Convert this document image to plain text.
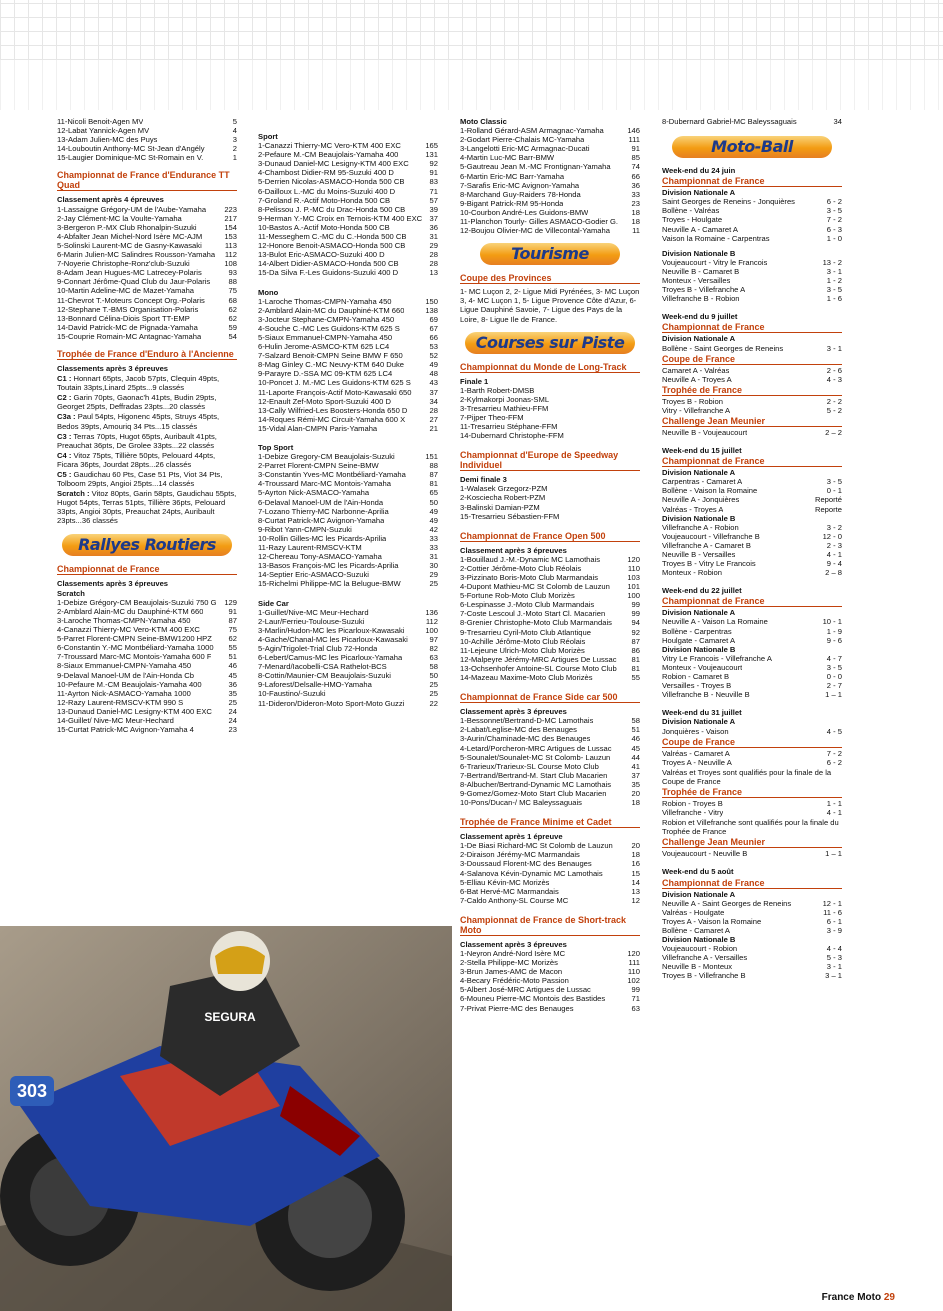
11-Nicoli Benoit-Agen MV	5
12-Labat Yannick-Agen MV	4
13-Adam Julien-MC des Puys	3
14-Louboutin Anthony-MC St-Jean d'Angély	2
15-Laugier Dominique-MC St-Romain en V.	1
Championnat de France d'Endurance TT Quad
Classement après 4 épreuves
1-Lassaigne Grégory-UM de l'Aube-Yamaha	223
2-Jay Clément-MC la Voulte-Yamaha	217
3-Bergeron P.-MX Club Rhonalpin-Suzuki	154
4-Abfalter Jean Michel-Nord Isère MC-AJM	153
5-Solinski Laurent-MC de Gasny-Kawasaki	113
6-Marin Julien-MC Salindres Rousson-Yamaha	112
7-Noyerie Christophe-Ronz'club-Suzuki	108
8-Adam Jean Hugues-MC Latrecey-Polaris	93
9-Connart Jérôme-Quad Club du Jaur-Polaris	88
10-Martin Adeline-MC de Mazet-Yamaha	75
11-Chevrot T.-Moteurs Concept Org.-Polaris	68
12-Stephane T.-BMS Organisation-Polaris	62
13-Bonnard Célina-Diois Sport TT-EMP	62
14-David Patrick-MC de Pignada-Yamaha	59
15-Couprie Romain-MC Antagnac-Yamaha	54
Trophée de France d'Enduro à l'Ancienne
Classements après 3 épreuves
C1 : Honnart 65pts, Jacob 57pts, Clequin 49pts, Toutain 33pts,Linard 25pts...9 classés
C2 : Garin 70pts, Gaonac'h 41pts, Budin 29pts, Georget 25pts, Deffradas 23pts...20 classés
C3a : Paul 54pts, Higonenc 45pts, Struys 45pts, Bedos 39pts, Amouriq 34 Pts...15 classés
C3 : Terras 70pts, Hugot 65pts, Auribault 41pts, Preauchat 36pts, De Grolee 33pts...22 classés
C4 : Vitoz 75pts, Tillière 50pts, Pelouard 44pts, Ficara 36pts, Jourdat 28pts...26 classés
C5 : Gaudichau 60 Pts, Case 51 Pts, Viot 34 Pts, Tolboom 29pts, Angioi 25pts...14 classés
Scratch : Vitoz 80pts, Garin 58pts, Gaudichau 55pts, Hugot 54pts, Terras 51pts, Tillière 36pts, Pelouard 33pts, Angioi 30pts, Preauchat 24pts, Auribault 23pts...36 classés
Rallyes Routiers
Championnat de France
Classements après 3 épreuves
Scratch
1-Debize Grégory-CM Beaujolais-Suzuki 750 G	129
2-Amblard Alain-MC du Dauphiné-KTM 660	91
3-Laroche Thomas-CMPN-Yamaha 450	87
4-Canazzi Thierry-MC Vero-KTM 400 EXC	75
5-Parret Florent-CMPN Seine-BMW1200 HPZ	62
6-Constantin Y.-MC Montbéliard-Yamaha 1000	55
7-Troussard Marc-MC Montois-Yamaha 600 F	51
8-Siaux Emmanuel-CMPN-Yamaha 450	46
9-Delaval Manoel-UM de l'Ain-Honda Cb	45
10-Pefaure M.-CM Beaujolais-Yamaha 400	36
11-Ayrton Nick-ASMACO-Yamaha 1000	35
12-Razy Laurent-RMSCV-KTM 990 S	25
13-Dunaud Daniel-MC Lesigny-KTM 400 EXC	24
14-Guillet/ Nive-MC Meur-Hechard	24
15-Curtat Patrick-MC Avignon-Yamaha 4	23
Sport
1-Canazzi Thierry-MC Vero-KTM 400 EXC	165
2-Pefaure M.-CM Beaujolais-Yamaha 400	131
3-Dunaud Daniel-MC Lesigny-KTM 400 EXC	92
4-Chambost Didier-RM 95-Suzuki 400 D	91
5-Derrien Nicolas-ASMACO-Honda 500 CB	83
6-Dailloux L.-MC du Moins-Suzuki 400 D	71
7-Groland R.-Actif Moto-Honda 500 CB	57
8-Pelissou J. P.-MC du Drac-Honda 500 CB	39
9-Herman Y.-MC Croix en Ternois-KTM 400 EXC 37
10-Bastos A.-Actif Moto-Honda 500 CB	36
11-Messeghem C.-MC du C.-Honda 500 CB	31
12-Honore Benoit-ASMACO-Honda 500 CB	29
13-Bulot Eric-ASMACO-Suzuki 400 D	28
14-Albert Didier-ASMACO-Honda 500 CB	28
15-Da Silva F.-Les Guidons-Suzuki 400 D	13
Mono
1-Laroche Thomas-CMPN-Yamaha 450	150
2-Amblard Alain-MC du Dauphiné-KTM 660	138
3-Jocteur Stephane-CMPN-Yamaha 450	69
4-Souche C.-MC Les Guidons-KTM 625 S	67
5-Siaux Emmanuel-CMPN-Yamaha 450	66
6-Hulin Jerome-ASMCO-KTM 625 LC4	53
7-Salzard Benoit-CMPN Seine BMW F 650	52
8-Mag Ginley C.-MC Neuvy-KTM 640 Duke	49
9-Parayre D.-SSA MC 09-KTM 625 LC4	48
10-Poncet J. M.-MC Les Guidons-KTM 625 S	43
11-Laporte François-Actif Moto-Kawasaki 650	37
12-Enault Zef-Moto Sport-Suzuki 400 D	34
13-Cally Wilfried-Les Boosters-Honda 650 D	28
14-Roques Rémi-MC Circuit-Yamaha 600 X	27
15-Vidal Alan-CMPN Paris-Yamaha	21
Top Sport
1-Debize Gregory-CM Beaujolais-Suzuki	151
2-Parret Florent-CMPN Seine-BMW	88
3-Constantin Yves-MC Montbéliard-Yamaha	87
4-Troussard Marc-MC Montois-Yamaha	81
5-Ayrton Nick-ASMACO-Yamaha	65
6-Delaval Manoel-UM de l'Ain-Honda	50
7-Lozano Thierry-MC Narbonne-Aprilia	49
8-Curtat Patrick-MC Avignon-Yamaha	49
9-Ribot Yann-CMPN-Suzuki	42
10-Rollin Gilles-MC les Picards-Aprilia	33
11-Razy Laurent-RMSCV-KTM	33
12-Chereau Tony-ASMACO-Yamaha	31
13-Basos François-MC les Picards-Aprilia	30
14-Septier Eric-ASMACO-Suzuki	29
15-Richelmi Philippe-MC la Belugue-BMW	25
Side Car
1-Guillet/Nive-MC Meur-Hechard	136
2-Laur/Ferrieu-Toulouse-Suzuki	112
3-Marlin/Hudon-MC les Picarloux-Kawasaki	100
4-Gache/Chanal-MC les Picarloux-Kawasaki	97
5-Agin/Trigolet-Trial Club 72-Honda	82
6-Lebert/Camus-MC les Picarloux-Yamaha	63
7-Menard/Iacobelli-CSA Rathelot-BCS	58
8-Cottin/Maunier-CM Beaujolais-Suzuki	50
9-Laforest/Delsalle-HMO-Yamaha	25
10-Faustino/-Suzuki	25
11-Dideron/Dideron-Moto Sport-Moto Guzzi	22
Moto Classic
1-Rolland Gérard-ASM Armagnac-Yamaha	146
2-Godart Pierre-Chalais MC-Yamaha	111
3-Langelotti Eric-MC Armagnac-Ducati	91
4-Martin Luc-MC Barr-BMW	85
5-Gautreau Jean M.-MC Frontignan-Yamaha	74
6-Martin Eric-MC Barr-Yamaha	66
7-Sarafis Eric-MC Avignon-Yamaha	36
8-Marchand Guy-Raiders 78-Honda	33
9-Bigant Patrick-RM 95-Honda	23
10-Courbon André-Les Guidons-BMW	18
11-Planchon Tourly- Gilles ASMACO-Godier G.	18
12-Boujou Olivier-MC de Villecontal-Yamaha	11
Tourisme
Coupe des Provinces
1- MC Luçon 2, 2- Ligue Midi Pyrénées, 3- MC Luçon 3, 4- MC Luçon 1, 5- Ligue Provence Côte d'Azur, 6- Ligue Dauphiné Savoie, 7- Ligue des Pays de la Loire, 8- Ligue Ile de France.
Courses sur Piste
Championnat du Monde de Long-Track
Finale 1
1-Barth Robert-DMSB
2-Kylmakorpi Joonas-SML
3-Tresarrieu Mathieu-FFM
7-Pijper Theo-FFM
11-Tresarrieu Stéphane-FFM
14-Dubernard Christophe-FFM
Championnat d'Europe de Speedway Individuel
Demi finale 3
1-Walasek Grzegorz-PZM
2-Kosciecha Robert-PZM
3-Balinski Damian-PZM
15-Tresarrieu Sébastien-FFM
Championnat de France Open 500
Classement après 3 épreuves
1-Bouillaud J.-M.-Dynamic MC Lamothais	120
2-Cottier Jérôme-Moto Club Réolais	110
3-Pizzinato Boris-Moto Club Marmandais	103
4-Dupont Mathieu-MC St Colomb de Lauzun	101
5-Fortune Rob-Moto Club Morizès	100
6-Lespinasse J.-Moto Club Marmandais	99
7-Coste Lescoul J.-Moto Start Cl. Macarien	99
8-Grenier Christophe-Moto Club Marmandais	94
9-Tresarrieu Cyril-Moto Club Atlantique	92
10-Achille Jérôme-Moto Club Réolais	87
11-Lejeune Ulrich-Moto Club Morizès	86
12-Malpeyre Jérémy-MRC Artigues De Lussac	81
13-Ochsenhofer Antoine-SL Course Moto Club	81
14-Mazeau Maxime-Moto Club Morizès	55
Championnat de France Side car 500
Classement après 3 épreuves
1-Bessonnet/Bertrand-D-MC Lamothais	58
2-Labat/Leglise-MC des Benauges	51
3-Aurin/Chaminade-MC des Benauges	46
4-Letard/Porcheron-MRC Artigues de Lussac	45
5-Sounalet/Sounalet-MC St Colomb- Lauzun	44
6-Trarieux/Trarieux-SL Course Moto Club	41
7-Bertrand/Bertrand-M. Start Club Macarien	37
8-Albucher/Bertrand-Dynamic MC Lamothais	35
9-Gomez/Gomez-Moto Start Club Macarien	20
10-Pons/Ducan-/ MC Baleyssaguais	18
Trophée de France Minime et Cadet
Classement après 1 épreuve
1-De Biasi Richard-MC St Colomb de Lauzun	20
2-Diraison Jérémy-MC Marmandais	18
3-Doussaud Florent-MC des Benauges	16
4-Salanova Kévin-Dynamic MC Lamothais	15
5-Elliau Kévin-MC Morizès	14
6-Bat Hervé-MC Marmandais	13
7-Caldo Anthony-SL Course MC	12
Championnat de France de Short-track Moto
Classement après 3 épreuves
1-Neyron André-Nord Isère MC	120
2-Stella Philippe-MC Morizès	111
3-Brun James-AMC de Macon	110
4-Becary Frédéric-Moto Passion	102
5-Albert José-MRC Artigues de Lussac	99
6-Mouneu Pierre-MC Montois des Bastides	71
7-Privat Pierre-MC des Benauges	63
8-Dubernard Gabriel-MC Baleyssaguais	34
Moto-Ball
Week-end du 24 juin
Championnat de France
Division Nationale A
Saint Georges de Reneins - Jonquières	6 - 2
Bollène - Valréas	3 - 5
Troyes - Houlgate	7 - 2
Neuville A - Camaret A	6 - 3
Vaison la Romaine - Carpentras	1 - 0
Division Nationale B
Voujeaucourt - Vitry le Francois	13 - 2
Neuville B - Camaret B	3 - 1
Monteux - Versailles	1 - 2
Troyes B - Villefranche A	3 - 5
Villefranche B - Robion	1 - 6
Week-end du 9 juillet
Championnat de France
Division Nationale A
Bollène - Saint Georges de Reneins	3 - 1
Coupe de France
Camaret A - Valréas	2 - 6
Neuville A - Troyes A	4 - 3
Trophée de France
Troyes B - Robion	2 - 2
Vitry - Villefranche A	5 - 2
Challenge Jean Meunier
Neuville B - Voujeaucourt	2 – 2
Week-end du 15 juillet
Championnat de France
Division Nationale A
Carpentras - Camaret A	3 - 5
Bollène - Vaison la Romaine	0 - 1
Neuville A - Jonquières	Reporté
Valréas - Troyes A	Reporte
Division Nationale B
Villefranche A - Robion	3 - 2
Voujeaucourt - Villefranche B	12 - 0
Villefranche A - Camaret B	2 - 3
Neuville B - Versailles	4 - 1
Troyes B - Vitry Le Francois	9 - 4
Monteux - Robion	2 – 8
Week-end du 22 juillet
Championnat de France
Division Nationale A
Neuville A - Vaison La Romaine	10 - 1
Bollène - Carpentras	1 - 9
Houlgate - Camaret A	9 - 6
Division Nationale B
Vitry Le Francois - Villefranche A	4 - 7
Monteux - Voujeaucourt	3 - 5
Robion - Camaret B	0 - 0
Versailles - Troyes B	2 - 7
Villefranche B - Neuville B	1 – 1
Week-end du 31 juillet
Division Nationale A
Jonquières - Vaison	4 - 5
Coupe de France
Valréas - Camaret A	7 - 2
Troyes A - Neuville A	6 - 2
Valréas et Troyes sont qualifiés pour la finale de la Coupe de France
Trophée de France
Robion - Troyes B	1 - 1
Villefranche - Vitry	4 - 1
Robion et Villefranche sont qualifiés pour la finale du Trophée de France
Challenge Jean Meunier
Voujeaucourt - Neuville B	1 – 1
Week-end du 5 août
Championnat de France
Division Nationale A
Neuville A - Saint Georges de Reneins	12 - 1
Valréas - Houlgate	11 - 6
Troyes A - Vaison la Romaine	6 - 1
Bollène - Camaret A	3 - 9
Division Nationale B
Voujeaucourt - Robion	4 - 4
Villefranche A - Versailles	5 - 3
Neuville B - Monteux	3 - 1
Troyes B - Villefranche B	3 – 1
303
SEGURA
France Moto 29
